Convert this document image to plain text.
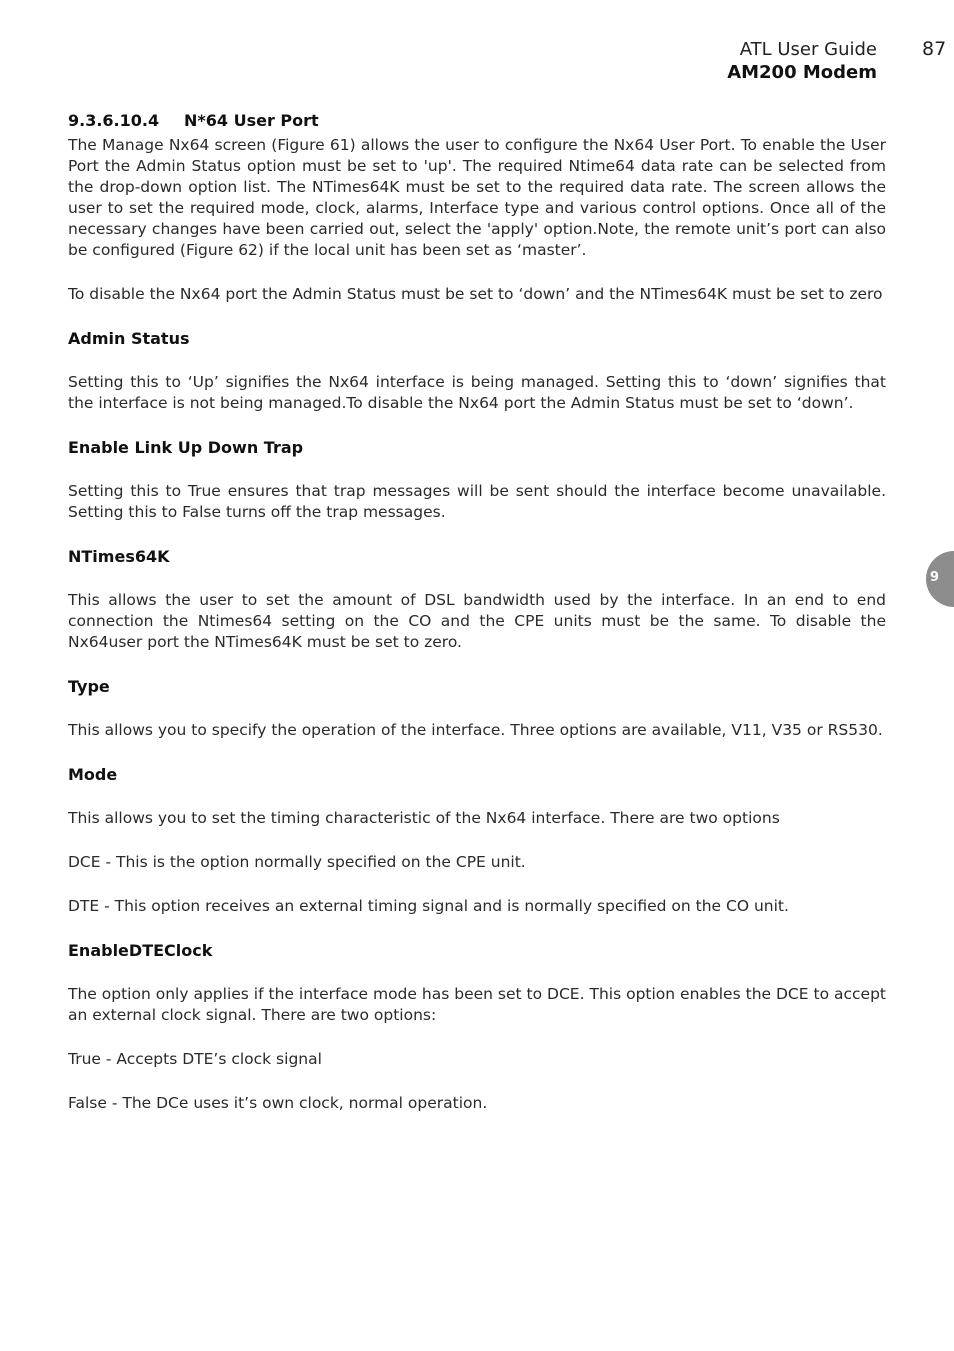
ATL User Guide
AM200 Modem
87
9
9.3.6.10.4 N*64 User Port

The Manage Nx64 screen (Figure 61) allows the user to configure the Nx64 User Port. To enable the User Port the Admin Status option must be set to 'up'. The required Ntime64 data rate can be selected from the drop-down option list. The NTimes64K must be set to the required data rate. The screen allows the user to set the required mode, clock, alarms, Interface type and various control options. Once all of the necessary changes have been carried out, select the 'apply' option.Note, the remote unit’s port can also be configured (Figure 62) if the local unit has been set as ‘master’.

To disable the Nx64 port the Admin Status must be set to ‘down’ and the NTimes64K must be set to zero

Admin Status

Setting this to ‘Up’ signifies the Nx64 interface is being managed. Setting this to ‘down’ signifies that the interface is not being managed.To disable the Nx64 port the Admin Status must be set to ‘down’.

Enable Link Up Down Trap

Setting this to True ensures that trap messages will be sent should the interface become unavailable. Setting this to False turns off the trap messages.

NTimes64K

This allows the user to set the amount of DSL bandwidth used by the interface. In an end to end connection the Ntimes64 setting on the CO and the CPE units must be the same. To disable the Nx64user port the NTimes64K must be set to zero.

Type

This allows you to specify the operation of the interface. Three options are available, V11, V35 or RS530.

Mode

This allows you to set the timing characteristic of the Nx64 interface. There are two options

DCE - This is the option normally specified on the CPE unit.

DTE - This option receives an external timing signal and is normally specified on the CO unit.

EnableDTEClock

The option only applies if the interface mode has been set to DCE. This option enables the DCE to accept an external clock signal. There are two options:

True - Accepts DTE’s clock signal

False - The DCe uses it’s own clock, normal operation.
